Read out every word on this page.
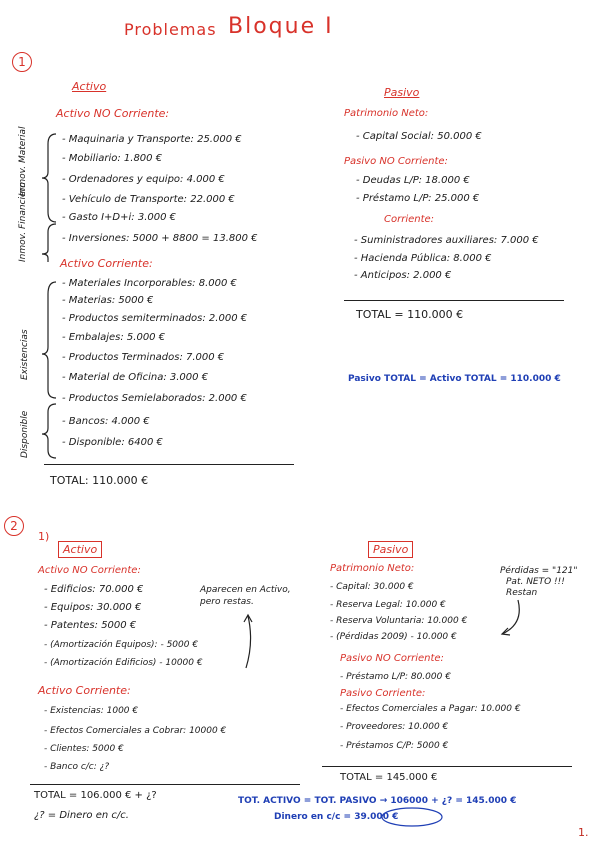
Problemas Bloque I
1
Activo
Activo NO Corriente:
- Maquinaria y Transporte: 25.000 €
- Mobiliario: 1.800 €
- Ordenadores y equipo: 4.000 €
- Vehículo de Transporte: 22.000 €
- Gasto I+D+i: 3.000 €
- Inversiones: 5000 + 8800 = 13.800 €
Inmov. Material
Inmov. Financiero
Existencias
Disponible
Activo Corriente:
- Materiales Incorporables: 8.000 €
- Materias: 5000 €
- Productos semiterminados: 2.000 €
- Embalajes: 5.000 €
- Productos Terminados: 7.000 €
- Material de Oficina: 3.000 €
- Productos Semielaborados: 2.000 €
- Bancos: 4.000 €
- Disponible: 6400 €
TOTAL: 110.000 €
Pasivo
Patrimonio Neto:
- Capital Social: 50.000 €
Pasivo NO Corriente:
- Deudas L/P: 18.000 €
- Préstamo L/P: 25.000 €
Corriente:
- Suministradores auxiliares: 7.000 €
- Hacienda Pública: 8.000 €
- Anticipos: 2.000 €
TOTAL = 110.000 €
Pasivo TOTAL = Activo TOTAL = 110.000 €
2
1)
Activo
Activo NO Corriente:
- Edificios: 70.000 €
- Equipos: 30.000 €
- Patentes: 5000 €
- (Amortización Equipos): - 5000 €
- (Amortización Edificios) - 10000 €
Aparecen en Activo, pero restas.
Activo Corriente:
- Existencias: 1000 €
- Efectos Comerciales a Cobrar: 10000 €
- Clientes: 5000 €
- Banco c/c: ¿?
TOTAL = 106.000 € + ¿?
¿? = Dinero en c/c.
Pasivo
Patrimonio Neto:
- Capital: 30.000 €
- Reserva Legal: 10.000 €
- Reserva Voluntaria: 10.000 €
- (Pérdidas 2009) - 10.000 €
Pérdidas = "121"
Pat. NETO !!!
Restan
Pasivo NO Corriente:
- Préstamo L/P: 80.000 €
Pasivo Corriente:
- Efectos Comerciales a Pagar: 10.000 €
- Proveedores: 10.000 €
- Préstamos C/P: 5000 €
TOTAL = 145.000 €
TOT. ACTIVO = TOT. PASIVO → 106000 + ¿? = 145.000 €
Dinero en c/c = 39.000 €
1.
